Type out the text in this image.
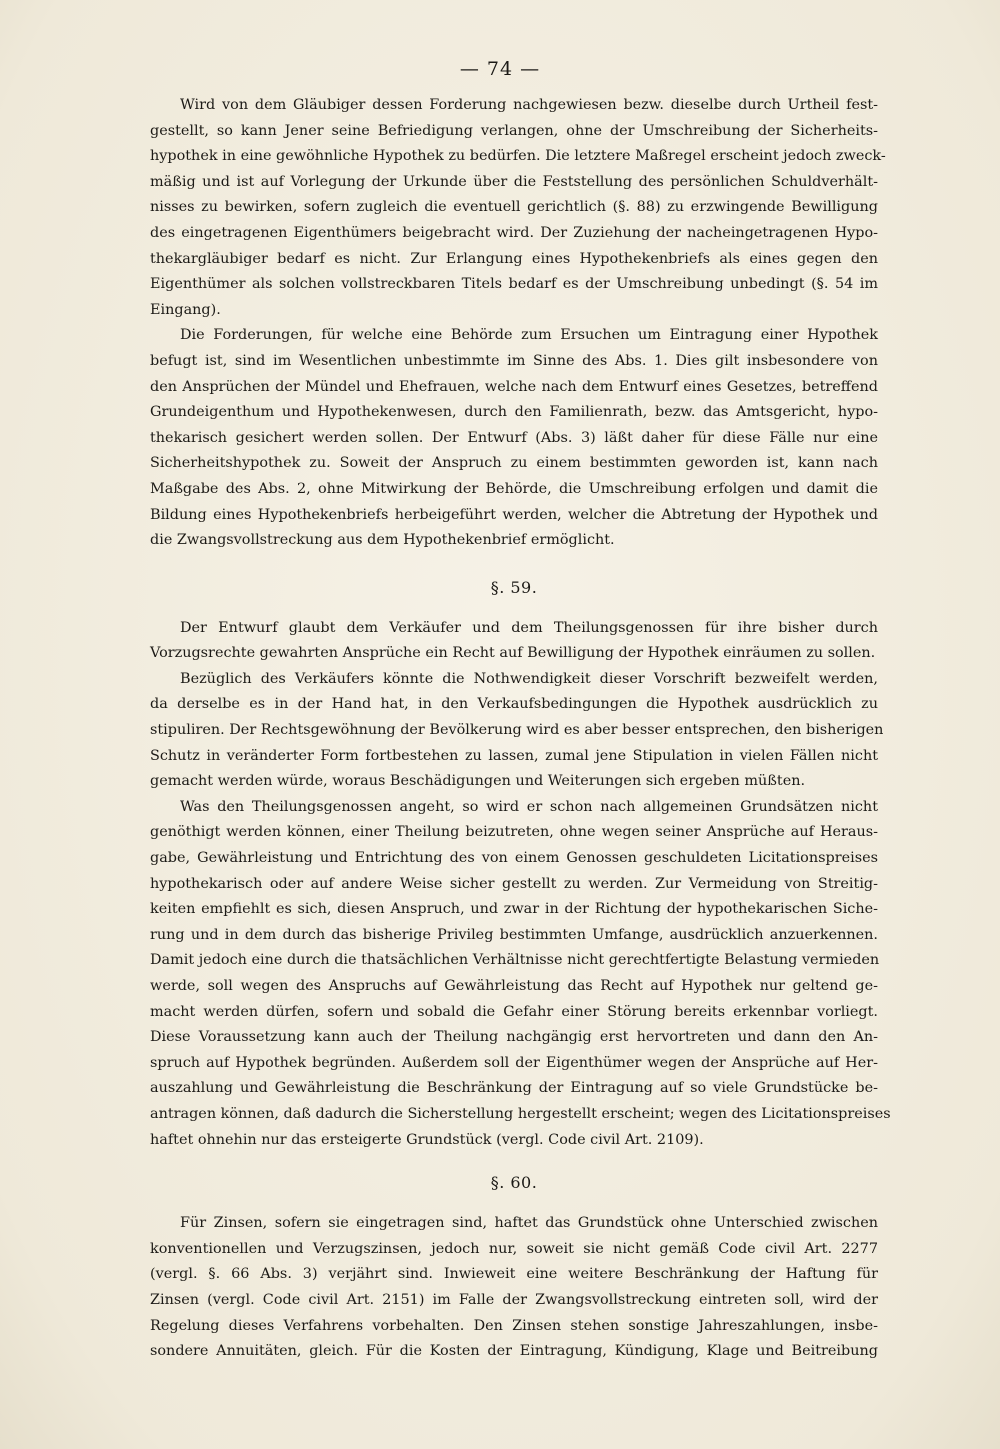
— 74 —
Wird von dem Gläubiger dessen Forderung nachgewiesen bezw. dieselbe durch Urtheil fest-
gestellt, so kann Jener seine Befriedigung verlangen, ohne der Umschreibung der Sicherheits-
hypothek in eine gewöhnliche Hypothek zu bedürfen. Die letztere Maßregel erscheint jedoch zweck-
mäßig und ist auf Vorlegung der Urkunde über die Feststellung des persönlichen Schuldverhält-
nisses zu bewirken, sofern zugleich die eventuell gerichtlich (§. 88) zu erzwingende Bewilligung
des eingetragenen Eigenthümers beigebracht wird. Der Zuziehung der nacheingetragenen Hypo-
thekargläubiger bedarf es nicht. Zur Erlangung eines Hypothekenbriefs als eines gegen den
Eigenthümer als solchen vollstreckbaren Titels bedarf es der Umschreibung unbedingt (§. 54 im
Eingang).
Die Forderungen, für welche eine Behörde zum Ersuchen um Eintragung einer Hypothek
befugt ist, sind im Wesentlichen unbestimmte im Sinne des Abs. 1. Dies gilt insbesondere von
den Ansprüchen der Mündel und Ehefrauen, welche nach dem Entwurf eines Gesetzes, betreffend
Grundeigenthum und Hypothekenwesen, durch den Familienrath, bezw. das Amtsgericht, hypo-
thekarisch gesichert werden sollen. Der Entwurf (Abs. 3) läßt daher für diese Fälle nur eine
Sicherheitshypothek zu. Soweit der Anspruch zu einem bestimmten geworden ist, kann nach
Maßgabe des Abs. 2, ohne Mitwirkung der Behörde, die Umschreibung erfolgen und damit die
Bildung eines Hypothekenbriefs herbeigeführt werden, welcher die Abtretung der Hypothek und
die Zwangsvollstreckung aus dem Hypothekenbrief ermöglicht.
§. 59.
Der Entwurf glaubt dem Verkäufer und dem Theilungsgenossen für ihre bisher durch
Vorzugsrechte gewahrten Ansprüche ein Recht auf Bewilligung der Hypothek einräumen zu sollen.
Bezüglich des Verkäufers könnte die Nothwendigkeit dieser Vorschrift bezweifelt werden,
da derselbe es in der Hand hat, in den Verkaufsbedingungen die Hypothek ausdrücklich zu
stipuliren. Der Rechtsgewöhnung der Bevölkerung wird es aber besser entsprechen, den bisherigen
Schutz in veränderter Form fortbestehen zu lassen, zumal jene Stipulation in vielen Fällen nicht
gemacht werden würde, woraus Beschädigungen und Weiterungen sich ergeben müßten.
Was den Theilungsgenossen angeht, so wird er schon nach allgemeinen Grundsätzen nicht
genöthigt werden können, einer Theilung beizutreten, ohne wegen seiner Ansprüche auf Heraus-
gabe, Gewährleistung und Entrichtung des von einem Genossen geschuldeten Licitationspreises
hypothekarisch oder auf andere Weise sicher gestellt zu werden. Zur Vermeidung von Streitig-
keiten empfiehlt es sich, diesen Anspruch, und zwar in der Richtung der hypothekarischen Siche-
rung und in dem durch das bisherige Privileg bestimmten Umfange, ausdrücklich anzuerkennen.
Damit jedoch eine durch die thatsächlichen Verhältnisse nicht gerechtfertigte Belastung vermieden
werde, soll wegen des Anspruchs auf Gewährleistung das Recht auf Hypothek nur geltend ge-
macht werden dürfen, sofern und sobald die Gefahr einer Störung bereits erkennbar vorliegt.
Diese Voraussetzung kann auch der Theilung nachgängig erst hervortreten und dann den An-
spruch auf Hypothek begründen. Außerdem soll der Eigenthümer wegen der Ansprüche auf Her-
auszahlung und Gewährleistung die Beschränkung der Eintragung auf so viele Grundstücke be-
antragen können, daß dadurch die Sicherstellung hergestellt erscheint; wegen des Licitationspreises
haftet ohnehin nur das ersteigerte Grundstück (vergl. Code civil Art. 2109).
§. 60.
Für Zinsen, sofern sie eingetragen sind, haftet das Grundstück ohne Unterschied zwischen
konventionellen und Verzugszinsen, jedoch nur, soweit sie nicht gemäß Code civil Art. 2277
(vergl. §. 66 Abs. 3) verjährt sind. Inwieweit eine weitere Beschränkung der Haftung für
Zinsen (vergl. Code civil Art. 2151) im Falle der Zwangsvollstreckung eintreten soll, wird der
Regelung dieses Verfahrens vorbehalten. Den Zinsen stehen sonstige Jahreszahlungen, insbe-
sondere Annuitäten, gleich. Für die Kosten der Eintragung, Kündigung, Klage und Beitreibung
